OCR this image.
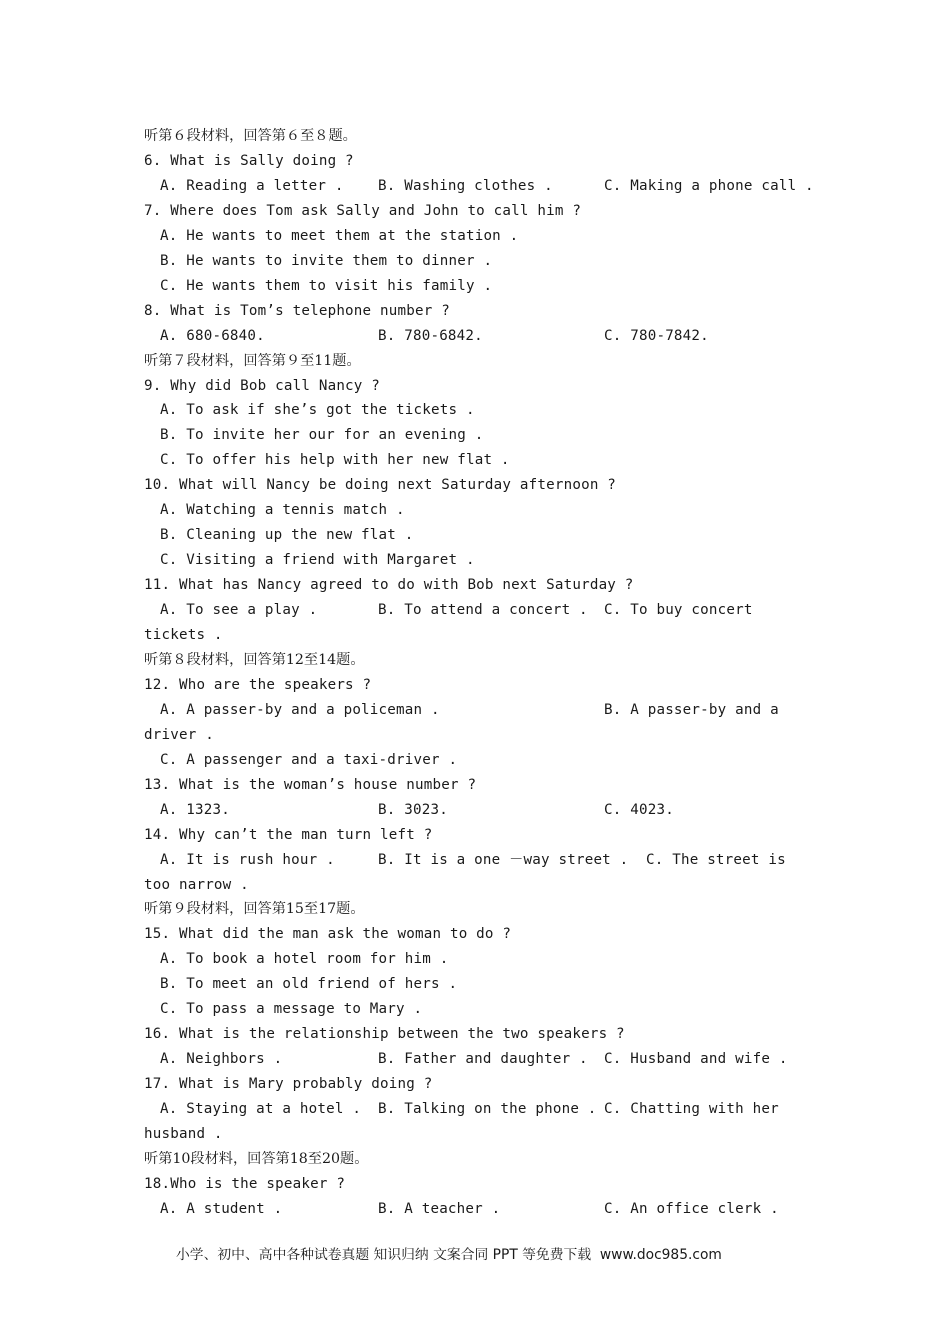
听第６段材料，回答第６至８题。
6. What is Sally doing ?
A. Reading a letter . B. Washing clothes .	C. Making a phone call .
7. Where does Tom ask Sally and John to call him ?
A. He wants to meet them at the station .
B. He wants to invite them to dinner .
C. He wants them to visit his family .
8. What is Tom’s telephone number ?
A. 680-6840.	B. 780-6842.	C. 780-7842.
听第７段材料，回答第９至11题。
9. Why did Bob call Nancy ?
A. To ask if she’s got the tickets .
B. To invite her our for an evening .
C. To offer his help with her new flat .
10. What will Nancy be doing next Saturday afternoon ?
A. Watching a tennis match .
B. Cleaning up the new flat .
C. Visiting a friend with Margaret .
11. What has Nancy agreed to do with Bob next Saturday ?
A. To see a play .	B. To attend a concert . C. To buy concert
tickets .
听第８段材料，回答第12至14题。
12. Who are the speakers ?
A. A passer-by and a policeman .	B. A passer-by and a
driver .
C. A passenger and a taxi-driver .
13. What is the woman’s house number ?
A. 1323.	B. 3023.	C. 4023.
14. Why can’t the man turn left ?
A. It is rush hour .	B. It is a one －way street . C. The street is
too narrow .
听第９段材料，回答第15至17题。
15. What did the man ask the woman to do ?
A. To book a hotel room for him .
B. To meet an old friend of hers .
C. To pass a message to Mary .
16. What is the relationship between the two speakers ?
A. Neighbors .	B. Father and daughter . C. Husband and wife .
17. What is Mary probably doing ?
A. Staying at a hotel . B. Talking on the phone . C. Chatting with her
husband .
听第10段材料，回答第18至20题。
18.Who is the speaker ?
A. A student .	B. A teacher .	C. An office clerk .
小学、初中、高中各种试卷真题 知识归纳 文案合同 PPT 等免费下载  www.doc985.com
